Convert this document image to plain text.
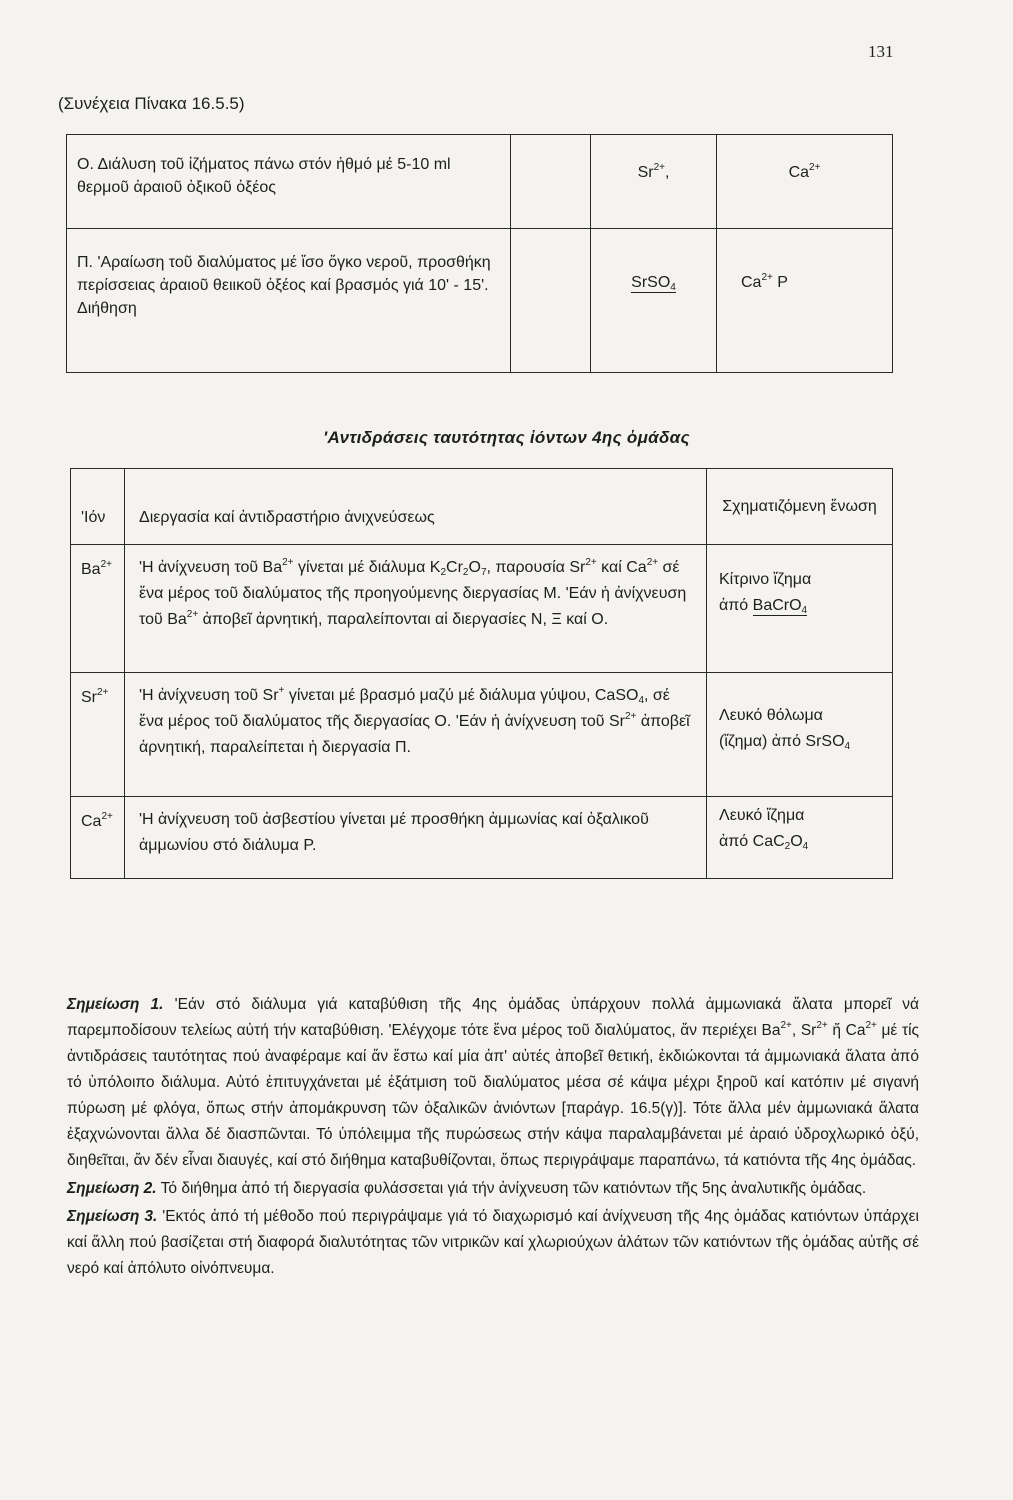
131
(Συνέχεια Πίνακα 16.5.5)
Ο. Διάλυση τοῦ ἰζήματος πάνω στόν ἠθμό μέ 5-10 ml θερμοῦ ἀραιοῦ ὀξικοῦ ὀξέος		$Sr^{2+}$,	$Ca^{2+}$
Π. 'Αραίωση τοῦ διαλύματος μέ ἴσο ὄγκο νεροῦ, προσθήκη περίσσειας ἀραιοῦ θειικοῦ ὀξέος καί βρασμός γιά 10' - 15'. Διήθηση		SrSO$_4$	$Ca^{2+}$ P
'Αντιδράσεις ταυτότητας ἰόντων 4ης ὁμάδας
'Ιόν	Διεργασία καί ἀντιδραστήριο ἀνιχνεύσεως	Σχηματιζόμενη ἕνωση
$Ba^{2+}$	'Η ἀνίχνευση τοῦ $Ba^{2+}$ γίνεται μέ διάλυμα $K_2Cr_2O_7$, παρουσία $Sr^{2+}$ καί $Ca^{2+}$ σέ ἕνα μέρος τοῦ διαλύματος τῆς προηγούμενης διεργασίας Μ. 'Εάν ἡ ἀνίχνευση τοῦ $Ba^{2+}$ ἀποβεῖ ἀρνητική, παραλείπονται αἱ διεργασίες Ν, Ξ καί Ο.	Κίτρινο ἴζημα
ἀπό BaCrO$_4$

$Sr^{2+}$	'Η ἀνίχνευση τοῦ Sr+ γίνεται μέ βρασμό μαζύ μέ διάλυμα γύψου, CaSO$_4$, σέ ἕνα μέρος τοῦ διαλύματος τῆς διεργασίας Ο. 'Εάν ἡ ἀνίχνευση τοῦ $Sr^{2+}$ ἀποβεῖ ἀρνητική, παραλείπεται ἡ διεργασία Π.	Λευκό θόλωμα
(ἴζημα) ἀπό SrSO$_4$

$Ca^{2+}$	'Η ἀνίχνευση τοῦ ἀσβεστίου γίνεται μέ προσθήκη ἀμμωνίας καί ὀξαλικοῦ ἀμμωνίου στό διάλυμα P.	Λευκό ἴζημα
ἀπό $CaC_2O_4$

Σημείωση 1. 'Εάν στό διάλυμα γιά καταβύθιση τῆς 4ης ὁμάδας ὑπάρχουν πολλά ἀμμωνιακά ἅλατα μπορεῖ νά παρεμποδίσουν τελείως αὐτή τήν καταβύθιση. 'Ελέγχομε τότε ἕνα μέρος τοῦ διαλύματος, ἄν περιέχει $Ba^{2+}$, $Sr^{2+}$ ἤ $Ca^{2+}$ μέ τίς ἀντιδράσεις ταυτότητας πού ἀναφέραμε καί ἄν ἔστω καί μία ἀπ' αὐτές ἀποβεῖ θετική, ἐκδιώκονται τά ἀμμωνιακά ἅλατα ἀπό τό ὑπόλοιπο διάλυμα. Αὐτό ἐπιτυγχάνεται μέ ἐξάτμιση τοῦ διαλύματος μέσα σέ κάψα μέχρι ξηροῦ καί κατόπιν μέ σιγανή πύρωση μέ φλόγα, ὅπως στήν ἀπομάκρυνση τῶν ὀξαλικῶν ἀνιόντων [παράγρ. 16.5(γ)]. Τότε ἄλλα μέν ἀμμωνιακά ἅλατα ἐξαχνώνονται ἄλλα δέ διασπῶνται. Τό ὑπόλειμμα τῆς πυρώσεως στήν κάψα παραλαμβάνεται μέ ἀραιό ὑδροχλωρικό ὀξύ, διηθεῖται, ἄν δέν εἶναι διαυγές, καί στό διήθημα καταβυθίζονται, ὅπως περιγράψαμε παραπάνω, τά κατιόντα τῆς 4ης ὁμάδας.

Σημείωση 2. Τό διήθημα ἀπό τή διεργασία φυλάσσεται γιά τήν ἀνίχνευση τῶν κατιόντων τῆς 5ης ἀναλυτικῆς ὁμάδας.

Σημείωση 3. 'Εκτός ἀπό τή μέθοδο πού περιγράψαμε γιά τό διαχωρισμό καί ἀνίχνευση τῆς 4ης ὁμάδας κατιόντων ὑπάρχει καί ἄλλη πού βασίζεται στή διαφορά διαλυτότητας τῶν νιτρικῶν καί χλωριούχων ἀλάτων τῶν κατιόντων τῆς ὁμάδας αὐτῆς σέ νερό καί ἀπόλυτο οἰνόπνευμα.
